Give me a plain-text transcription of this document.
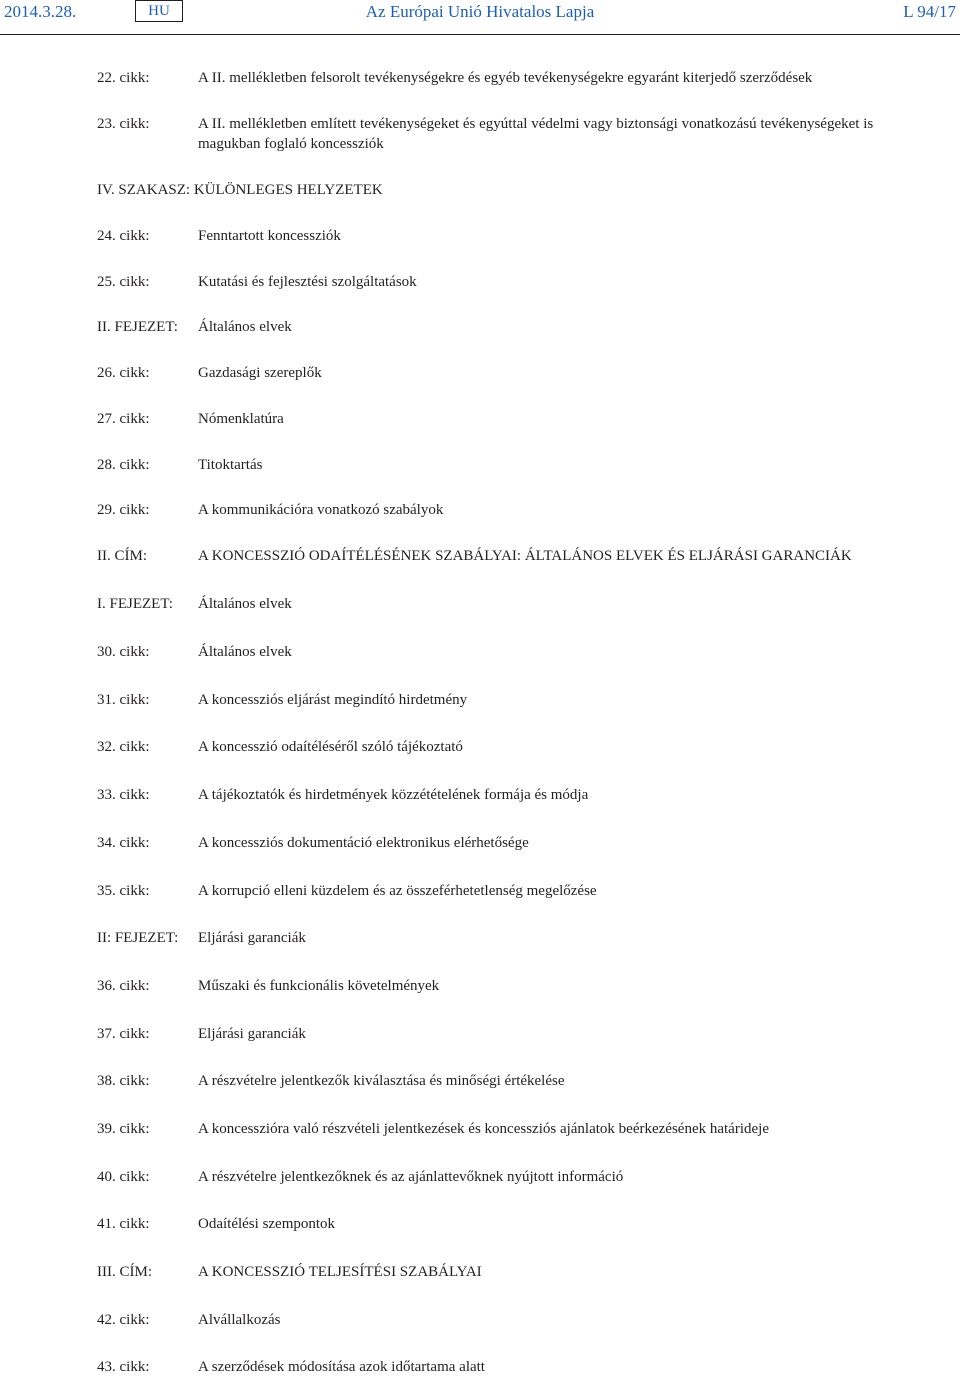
2014.3.28.	HU	Az Európai Unió Hivatalos Lapja	L 94/17
22. cikk:	A II. mellékletben felsorolt tevékenységekre és egyéb tevékenységekre egyaránt kiterjedő szerződések
23. cikk:	A II. mellékletben említett tevékenységeket és egyúttal védelmi vagy biztonsági vonatkozású tevékenységeket is magukban foglaló koncessziók
IV. SZAKASZ: KÜLÖNLEGES HELYZETEK
24. cikk:	Fenntartott koncessziók
25. cikk:	Kutatási és fejlesztési szolgáltatások
II. FEJEZET: Általános elvek
26. cikk:	Gazdasági szereplők
27. cikk:	Nómenklatúra
28. cikk:	Titoktartás
29. cikk:	A kommunikációra vonatkozó szabályok
II. CÍM:	A KONCESSZIÓ ODAÍTÉLÉSÉNEK SZABÁLYAI: ÁLTALÁNOS ELVEK ÉS ELJÁRÁSI GARANCIÁK
I. FEJEZET: Általános elvek
30. cikk:	Általános elvek
31. cikk:	A koncessziós eljárást megindító hirdetmény
32. cikk:	A koncesszió odaítéléséről szóló tájékoztató
33. cikk:	A tájékoztatók és hirdetmények közzétételének formája és módja
34. cikk:	A koncessziós dokumentáció elektronikus elérhetősége
35. cikk:	A korrupció elleni küzdelem és az összeférhetetlenség megelőzése
II: FEJEZET: Eljárási garanciák
36. cikk:	Műszaki és funkcionális követelmények
37. cikk:	Eljárási garanciák
38. cikk:	A részvételre jelentkezők kiválasztása és minőségi értékelése
39. cikk:	A koncesszióra való részvételi jelentkezések és koncessziós ajánlatok beérkezésének határideje
40. cikk:	A részvételre jelentkezőknek és az ajánlattevőknek nyújtott információ
41. cikk:	Odaítélési szempontok
III. CÍM:	A KONCESSZIÓ TELJESÍTÉSI SZABÁLYAI
42. cikk:	Alvállalkozás
43. cikk:	A szerződések módosítása azok időtartama alatt
